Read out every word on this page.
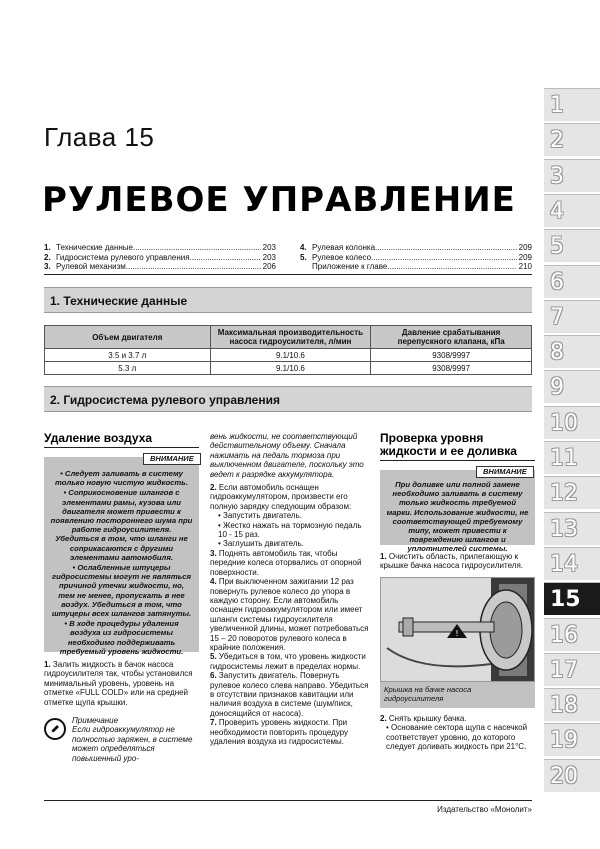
Глава 15
РУЛЕВОЕ УПРАВЛЕНИЕ
1. Технические данные .....	203
2. Гидросистема рулевого управления .....	203
3. Рулевой механизм .....	206
4. Рулевая колонка .....	209
5. Рулевое колесо .....	209
Приложение к главе .....	210
1. Технические данные
Объем двигателя	Максимальная производительность насоса гидроусилителя, л/мин	Давление срабатывания перепускного клапана, кПа
3.5 и 3.7 л	9.1/10.6	9308/9997
5.3 л	9.1/10.6	9308/9997
2. Гидросистема рулевого управления
Удаление воздуха

• Следует заливать в систему только новую чистую жидкость.

• Соприкосновение шлангов с элементами рамы, кузова или двигателя может привести к появлению постороннего шума при работе гидроусилителя. Убедиться в том, что шланги не соприкасаются с другими элементами автомобиля.

• Ослабленные штуцеры гидросистемы могут не являться причиной утечки жидкости, но, тем не менее, пропускать в нее воздух. Убедиться в том, что штуцеры всех шлангов затянуты.

• В ходе процедуры удаления воздуха из гидросистемы необходимо поддерживать требуемый уровень жидкости.

ВНИМАНИЕ

1. Залить жидкость в бачок насоса гидроусилителя так, чтобы установился минимальный уровень, уровень на отметке «FULL COLD» или на средней отметке щупа крышки.

Примечание

Если гидроаккумулятор не полностью заряжен, в системе может определяться повышенный уро-

вень жидкости, не соответствующий действительному объему. Сначала нажимать на педаль тормоза при выключенном двигателе, поскольку это ведет к разрядке аккумулятора.

2. Если автомобиль оснащен гидроаккумулятором, произвести его полную зарядку следующим образом:

• Запустить двигатель.

• Жестко нажать на тормозную педаль 10 - 15 раз.

• Заглушить двигатель.

3. Поднять автомобиль так, чтобы передние колеса оторвались от опорной поверхности.

4. При выключенном зажигании 12 раз повернуть рулевое колесо до упора в каждую сторону. Если автомобиль оснащен гидроаккумулятором или имеет шланги системы гидроусилителя увеличенной длины, может потребоваться 15 – 20 поворотов рулевого колеса в крайние положения.

5. Убедиться в том, что уровень жидкости гидросистемы лежит в пределах нормы.

6. Запустить двигатель. Повернуть рулевое колесо слева направо. Убедиться в отсутствии признаков кавитации или наличия воздуха в системе (шум/писк, доносящийся от насоса).

7. Проверить уровень жидкости. При необходимости повторить процедуру удаления воздуха из гидросистемы.

Проверка уровня жидкости и ее доливка

При доливке или полной замене необходимо заливать в систему только жидкость требуемой марки. Использование жидкости, не соответствующей требуемому типу, может привести к повреждению шлангов и уплотнителей системы.

ВНИМАНИЕ

1. Очистить область, прилегающую к крышке бачка насоса гидроусилителя.

!
Крышка на бачке насоса гидроусилителя

2. Снять крышку бачка.

• Основание сектора щупа с насечкой соответствует уровню, до которого следует доливать жидкость при 21°C.

1
2
3
4
5
6
7
8
9
10
11
12
13
14
15
16
17
18
19
20
Издательство «Монолит»
